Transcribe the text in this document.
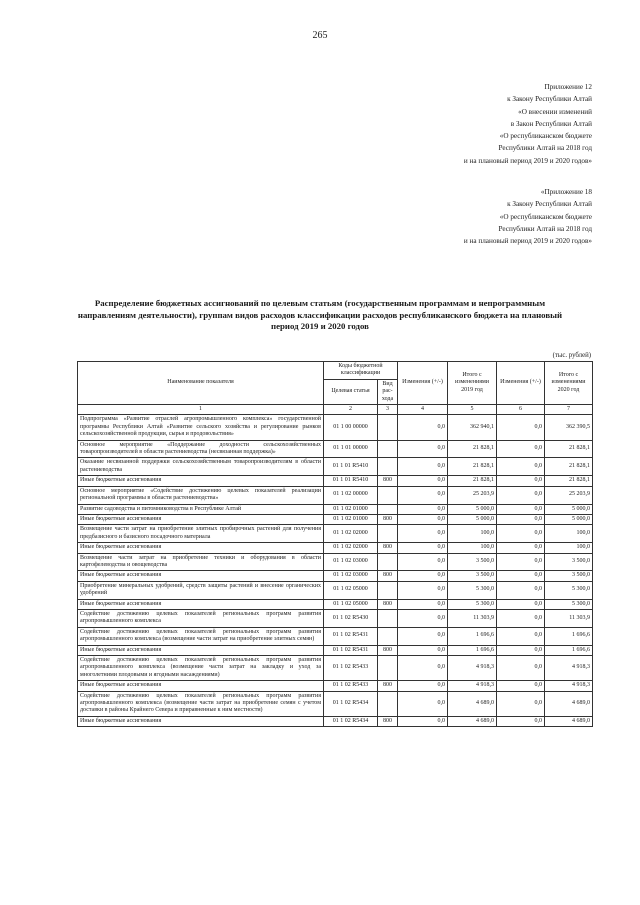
265
Приложение 12
к Закону Республики Алтай
«О внесении изменений
в Закон Республики Алтай
«О республиканском бюджете
Республики Алтай на 2018 год
и на плановый период 2019 и 2020 годов»
«Приложение 18
к Закону Республики Алтай
«О республиканском бюджете
Республики Алтай на 2018 год
и на плановый период 2019 и 2020 годов»
Распределение бюджетных ассигнований по целевым статьям (государственным программам и непрограммным направлениям деятельности), группам видов расходов классификации расходов республиканского бюджета на плановый период 2019 и 2020 годов
(тыс. рублей)
Наименование показателя	Коды бюджетной классификации		Изменения (+/-)	Итого с изменениями 2019 год	Изменения (+/-)	Итого с изменениями 2020 год
	Целевая статья	Вид рас-хода				
1	2	3	4	5	6	7
Подпрограмма «Развитие отраслей агропромышленного комплекса» государственной программы Республики Алтай «Развитие сельского хозяйства и регулирование рынков сельскохозяйственной продукции, сырья и продовольствия»	01 1 00 00000		0,0	362 940,1	0,0	362 390,5
Основное мероприятие «Поддержание доходности сельскохозяйственных товаропроизводителей в области растениеводства (несвязанная поддержка)»	01 1 01 00000		0,0	21 828,1	0,0	21 828,1
Оказание несвязанной поддержки сельскохозяйственным товаропроизводителям в области растениеводства	01 1 01 R5410		0,0	21 828,1	0,0	21 828,1
Иные бюджетные ассигнования	01 1 01 R5410	800	0,0	21 828,1	0,0	21 828,1
Основное мероприятие «Содействие достижению целевых показателей реализации региональной программы в области растениеводства»	01 1 02 00000		0,0	25 203,9	0,0	25 203,9
Развитие садоводства и питомниководства в Республике Алтай	01 1 02 01000		0,0	5 000,0	0,0	5 000,0
Иные бюджетные ассигнования	01 1 02 01000	800	0,0	5 000,0	0,0	5 000,0
Возмещение части затрат на приобретение элитных пробирочных растений для получения предбазисного и базисного посадочного материала	01 1 02 02000		0,0	100,0	0,0	100,0
Иные бюджетные ассигнования	01 1 02 02000	800	0,0	100,0	0,0	100,0
Возмещение части затрат на приобретение техники и оборудования в области картофелеводства и овощеводства	01 1 02 03000		0,0	3 500,0	0,0	3 500,0
Иные бюджетные ассигнования	01 1 02 03000	800	0,0	3 500,0	0,0	3 500,0
Приобретение минеральных удобрений, средств защиты растений и внесение органических удобрений	01 1 02 05000		0,0	5 300,0	0,0	5 300,0
Иные бюджетные ассигнования	01 1 02 05000	800	0,0	5 300,0	0,0	5 300,0
Содействие достижению целевых показателей региональных программ развития агропромышленного комплекса	01 1 02 R5430		0,0	11 303,9	0,0	11 303,9
Содействие достижению целевых показателей региональных программ развития агропромышленного комплекса (возмещение части затрат на приобретение элитных семян)	01 1 02 R5431		0,0	1 696,6	0,0	1 696,6
Иные бюджетные ассигнования	01 1 02 R5431	800	0,0	1 696,6	0,0	1 696,6
Содействие достижению целевых показателей региональных программ развития агропромышленного комплекса (возмещение части затрат на закладку и уход за многолетними плодовыми и ягодными насаждениями)	01 1 02 R5433		0,0	4 918,3	0,0	4 918,3
Иные бюджетные ассигнования	01 1 02 R5433	800	0,0	4 918,3	0,0	4 918,3
Содействие достижению целевых показателей региональных программ развития агропромышленного комплекса (возмещение части затрат на приобретение семян с учетом доставки в районы Крайнего Севера и приравненные к ним местности)	01 1 02 R5434		0,0	4 689,0	0,0	4 689,0
Иные бюджетные ассигнования	01 1 02 R5434	800	0,0	4 689,0	0,0	4 689,0
